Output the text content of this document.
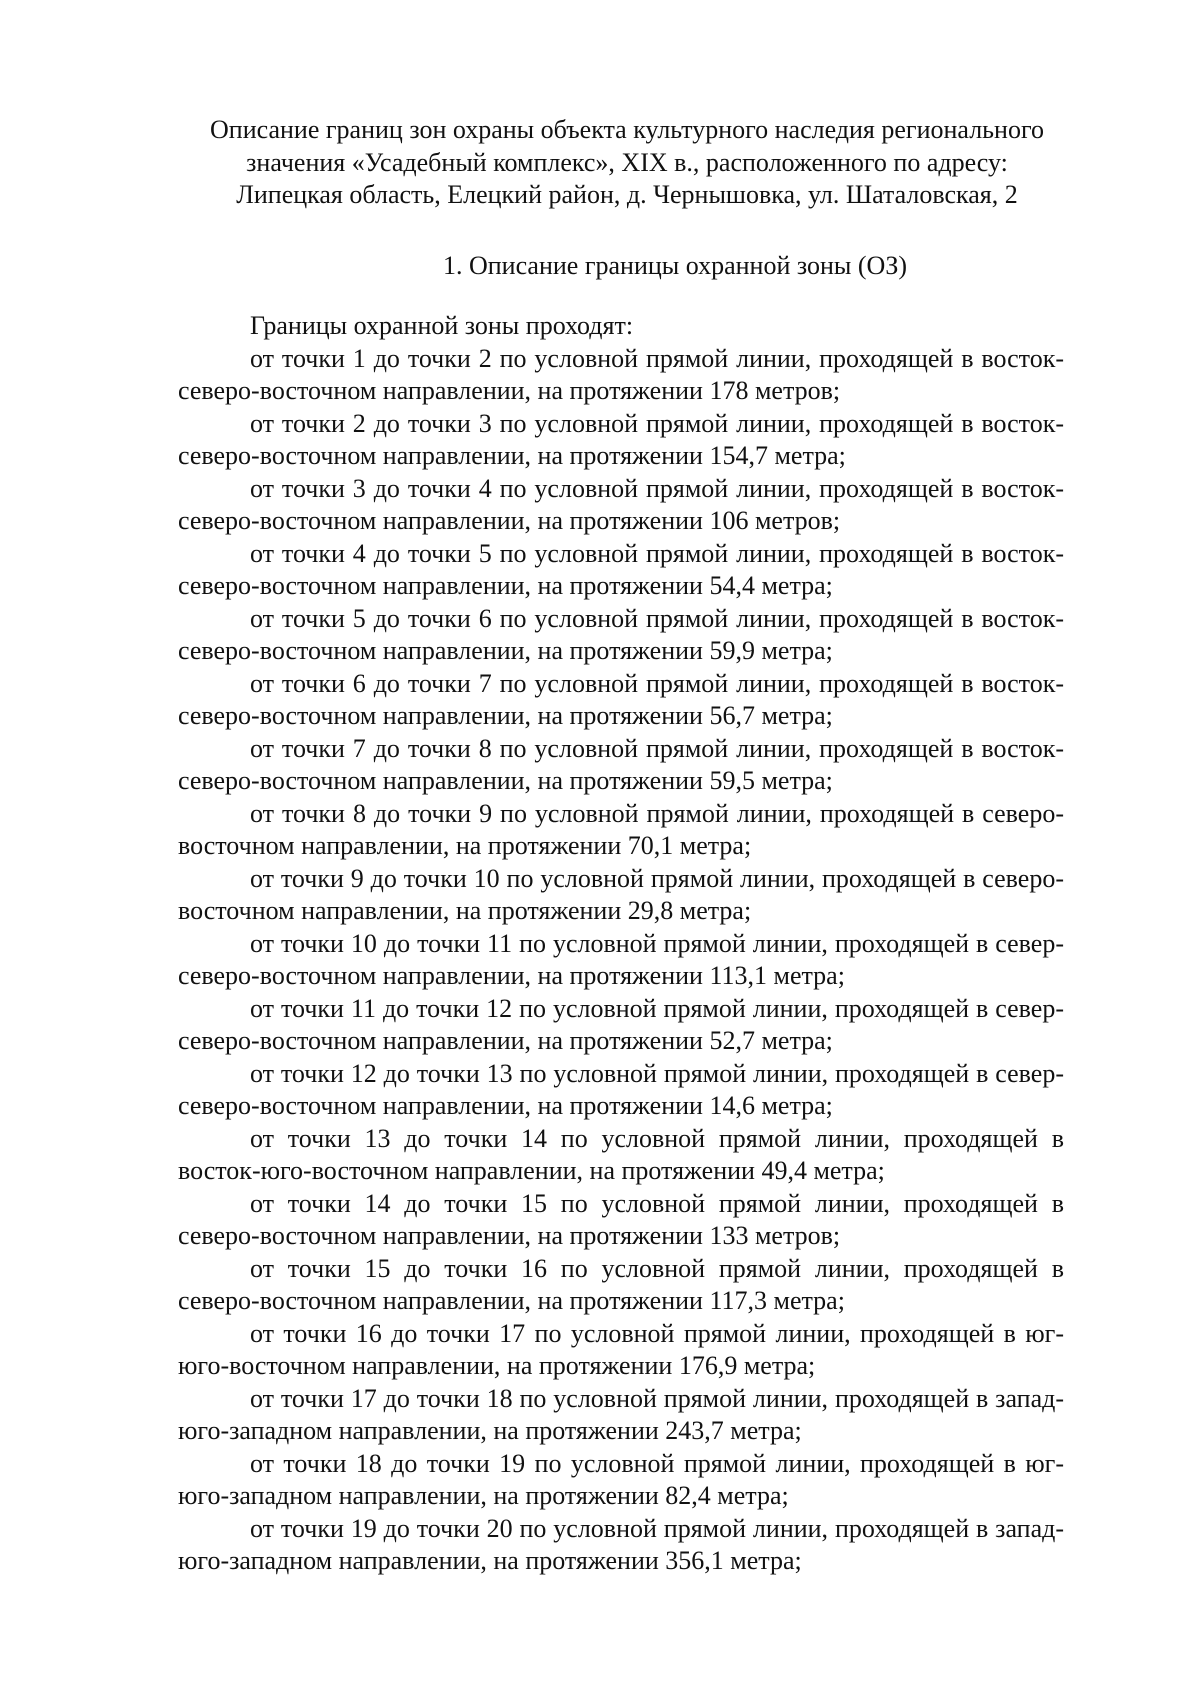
Описание границ зон охраны объекта культурного наследия регионального
значения «Усадебный комплекс», XIX в., расположенного по адресу:
Липецкая область, Елецкий район, д. Чернышовка, ул. Шаталовская, 2
1. Описание границы охранной зоны (ОЗ)

Границы охранной зоны проходят:

от точки 1 до точки 2 по условной прямой линии, проходящей в восток-северо-восточном направлении, на протяжении 178 метров;

от точки 2 до точки 3 по условной прямой линии, проходящей в восток-северо-восточном направлении, на протяжении 154,7 метра;

от точки 3 до точки 4 по условной прямой линии, проходящей в восток-северо-восточном направлении, на протяжении 106 метров;

от точки 4 до точки 5 по условной прямой линии, проходящей в восток-северо-восточном направлении, на протяжении 54,4 метра;

от точки 5 до точки 6 по условной прямой линии, проходящей в восток-северо-восточном направлении, на протяжении 59,9 метра;

от точки 6 до точки 7 по условной прямой линии, проходящей в восток-северо-восточном направлении, на протяжении 56,7 метра;

от точки 7 до точки 8 по условной прямой линии, проходящей в восток-северо-восточном направлении, на протяжении 59,5 метра;

от точки 8 до точки 9 по условной прямой линии, проходящей в северо-восточном направлении, на протяжении 70,1 метра;

от точки 9 до точки 10 по условной прямой линии, проходящей в северо-восточном направлении, на протяжении 29,8 метра;

от точки 10 до точки 11 по условной прямой линии, проходящей в север-северо-восточном направлении, на протяжении 113,1 метра;

от точки 11 до точки 12 по условной прямой линии, проходящей в север-северо-восточном направлении, на протяжении 52,7 метра;

от точки 12 до точки 13 по условной прямой линии, проходящей в север-северо-восточном направлении, на протяжении 14,6 метра;

от точки 13 до точки 14 по условной прямой линии, проходящей в восток-юго-восточном направлении, на протяжении 49,4 метра;

от точки 14 до точки 15 по условной прямой линии, проходящей в северо-восточном направлении, на протяжении 133 метров;

от точки 15 до точки 16 по условной прямой линии, проходящей в северо-восточном направлении, на протяжении 117,3 метра;

от точки 16 до точки 17 по условной прямой линии, проходящей в юг-юго-восточном направлении, на протяжении 176,9 метра;

от точки 17 до точки 18 по условной прямой линии, проходящей в запад-юго-западном направлении, на протяжении 243,7 метра;

от точки 18 до точки 19 по условной прямой линии, проходящей в юг-юго-западном направлении, на протяжении 82,4 метра;

от точки 19 до точки 20 по условной прямой линии, проходящей в запад-юго-западном направлении, на протяжении 356,1 метра;
